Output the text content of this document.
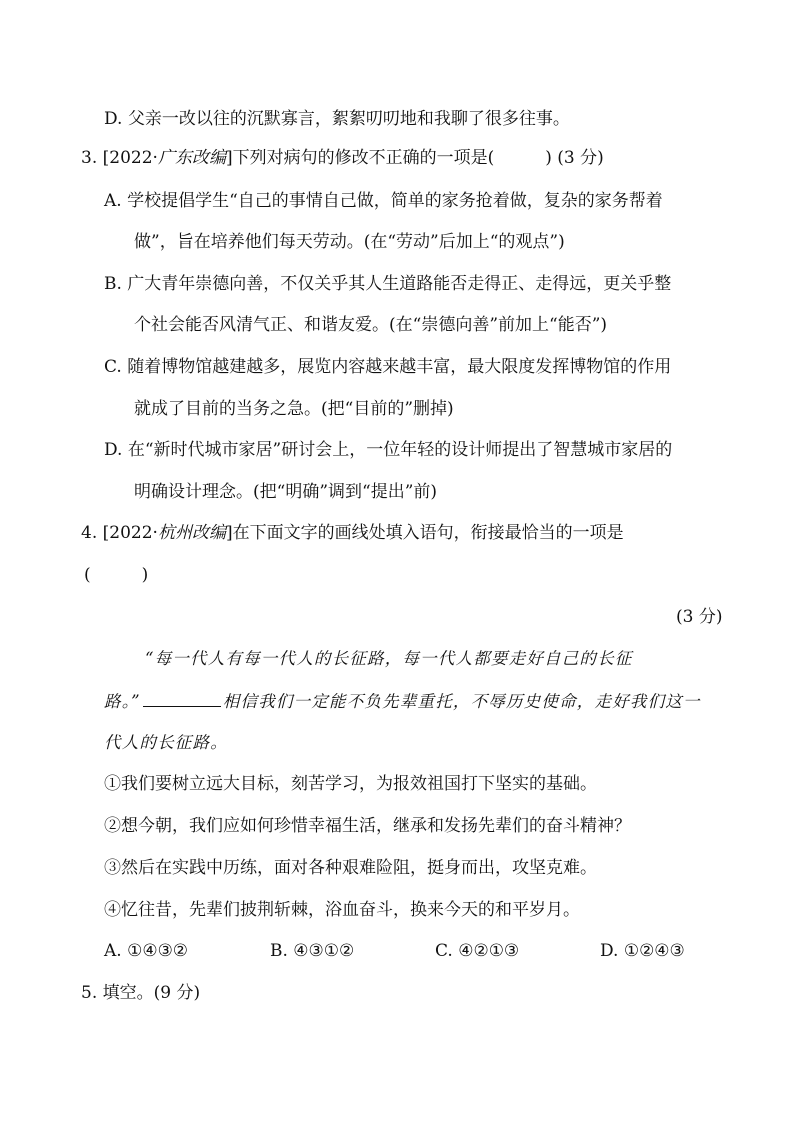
D. 父亲一改以往的沉默寡言，絮絮叨叨地和我聊了很多往事。
3. [2022·广东改编]下列对病句的修改不正确的一项是(　　　) (3 分)
A. 学校提倡学生“自己的事情自己做，简单的家务抢着做，复杂的家务帮着
做”，旨在培养他们每天劳动。(在“劳动”后加上“的观点”)
B. 广大青年崇德向善，不仅关乎其人生道路能否走得正、走得远，更关乎整
个社会能否风清气正、和谐友爱。(在“崇德向善”前加上“能否”)
C. 随着博物馆越建越多，展览内容越来越丰富，最大限度发挥博物馆的作用
就成了目前的当务之急。(把“目前的”删掉)
D. 在“新时代城市家居”研讨会上，一位年轻的设计师提出了智慧城市家居的
明确设计理念。(把“明确”调到“提出”前)
4. [2022·杭州改编]在下面文字的画线处填入语句，衔接最恰当的一项是
(　　　)
(3 分)
“每一代人有每一代人的长征路，每一代人都要走好自己的长征
路。”	相信我们一定能不负先辈重托，不辱历史使命，走好我们这一
代人的长征路。
①我们要树立远大目标，刻苦学习，为报效祖国打下坚实的基础。
②想今朝，我们应如何珍惜幸福生活，继承和发扬先辈们的奋斗精神？
③然后在实践中历练，面对各种艰难险阻，挺身而出，攻坚克难。
④忆往昔，先辈们披荆斩棘，浴血奋斗，换来今天的和平岁月。
A. ①④③②	B. ④③①②	C. ④②①③	D. ①②④③
5. 填空。(9 分)
